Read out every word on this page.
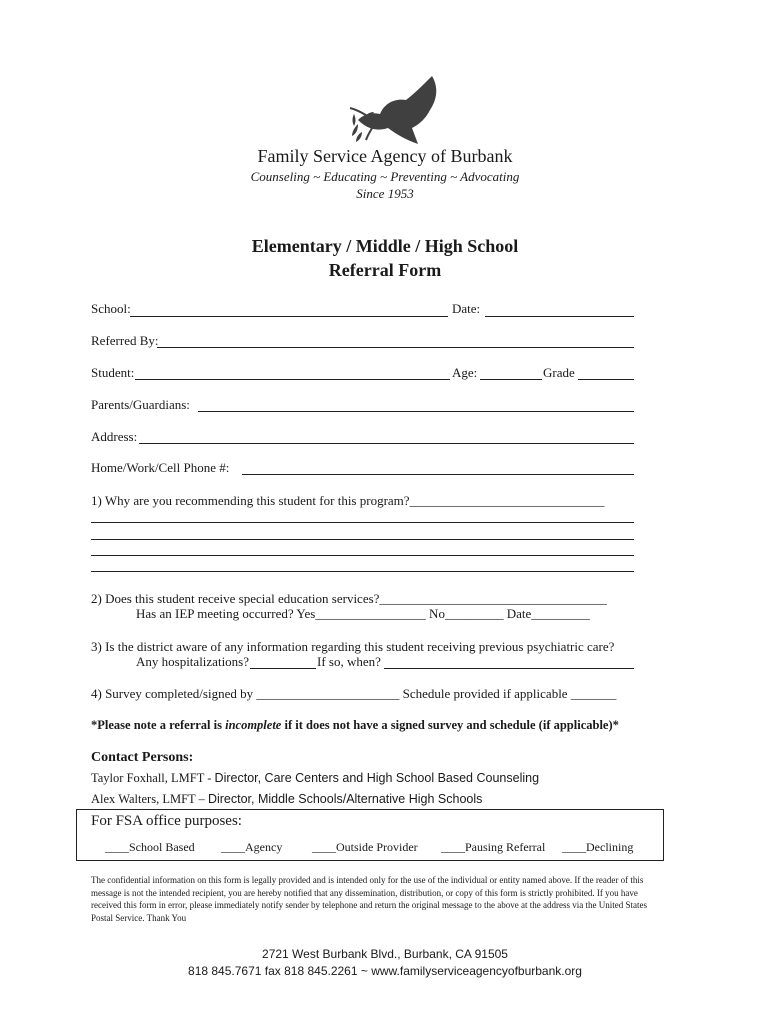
Family Service Agency of Burbank
Counseling ~ Educating ~ Preventing ~ Advocating
Since 1953
Elementary / Middle / High School
Referral Form
School:	Date:
Referred By:
Student:	Age:	Grade
Parents/Guardians:
Address:
Home/Work/Cell Phone #:
1) Why are you recommending this student for this program?______________________________
2) Does this student receive special education services?___________________________________
Has an IEP meeting occurred? Yes_________________ No_________ Date_________
3) Is the district aware of any information regarding this student receiving previous psychiatric care?
Any hospitalizations?	If so, when?
4) Survey completed/signed by ______________________ Schedule provided if applicable _______
*Please note a referral is incomplete if it does not have a signed survey and schedule (if applicable)*
Contact Persons:
Taylor Foxhall, LMFT - Director, Care Centers and High School Based Counseling
Alex Walters, LMFT – Director, Middle Schools/Alternative High Schools
For FSA office purposes:
____School Based ____Agency ____Outside Provider ____Pausing Referral ____Declining
The confidential information on this form is legally provided and is intended only for the use of the individual or entity named above. If the reader of this message is not the intended recipient, you are hereby notified that any dissemination, distribution, or copy of this form is strictly prohibited. If you have received this form in error, please immediately notify sender by telephone and return the original message to the above at the address via the United States Postal Service. Thank You
2721 West Burbank Blvd., Burbank, CA 91505
818 845.7671 fax 818 845.2261 ~ www.familyserviceagencyofburbank.org
